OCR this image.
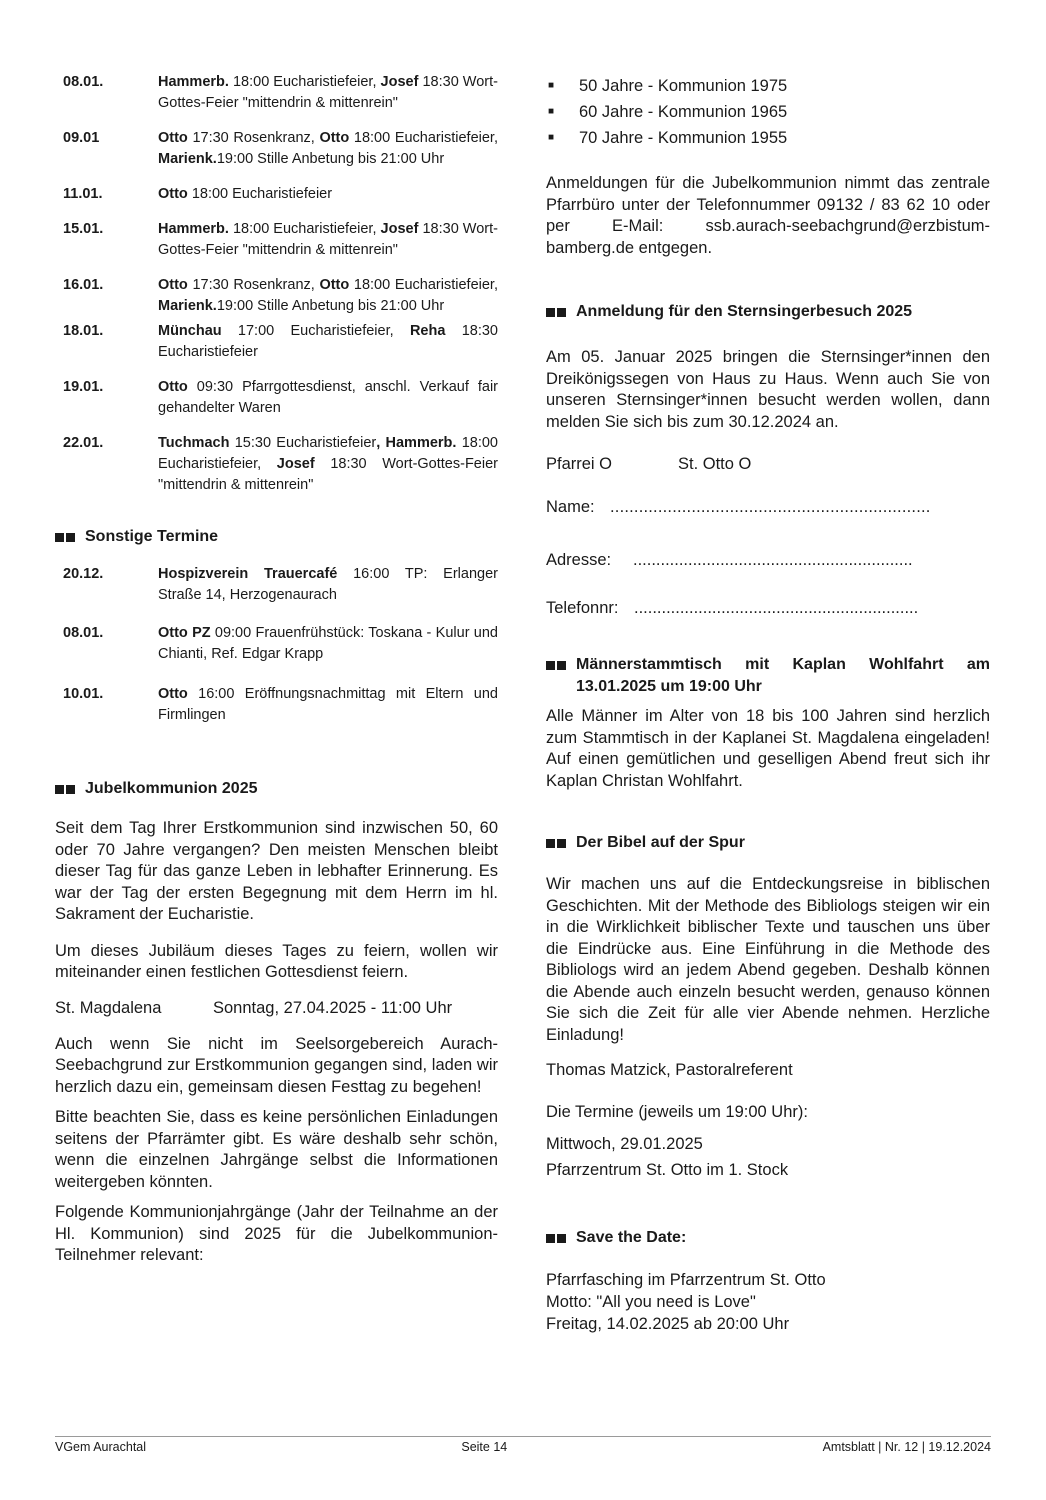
08.01.	Hammerb. 18:00 Eucharistiefeier, Josef 18:30 Wort-Gottes-Feier "mittendrin & mittenrein"
09.01	Otto 17:30 Rosenkranz, Otto 18:00 Eucharistiefeier, Marienk.19:00 Stille Anbetung bis 21:00 Uhr
11.01.	Otto 18:00 Eucharistiefeier
15.01.	Hammerb. 18:00 Eucharistiefeier, Josef 18:30 Wort-Gottes-Feier "mittendrin & mittenrein"
16.01.	Otto 17:30 Rosenkranz, Otto 18:00 Eucharistiefeier, Marienk.19:00 Stille Anbetung bis 21:00 Uhr
18.01.	Münchau 17:00 Eucharistiefeier, Reha 18:30 Eucharistiefeier
19.01.	Otto 09:30 Pfarrgottesdienst, anschl. Verkauf fair gehandelter Waren
22.01.	Tuchmach 15:30 Eucharistiefeier, Hammerb. 18:00 Eucharistiefeier, Josef 18:30 Wort-Gottes-Feier "mittendrin & mittenrein"
Sonstige Termine
20.12.	Hospizverein Trauercafé 16:00 TP: Erlanger Straße 14, Herzogenaurach
08.01.	Otto PZ 09:00 Frauenfrühstück: Toskana - Kulur und Chianti, Ref. Edgar Krapp
10.01.	Otto 16:00 Eröffnungsnachmittag mit Eltern und Firmlingen
Jubelkommunion 2025

Seit dem Tag Ihrer Erstkommunion sind inzwischen 50, 60 oder 70 Jahre vergangen? Den meisten Menschen bleibt dieser Tag für das ganze Leben in lebhafter Erinnerung. Es war der Tag der ersten Begegnung mit dem Herrn im hl. Sakrament der Eucharistie.

Um dieses Jubiläum dieses Tages zu feiern, wollen wir miteinander einen festlichen Gottesdienst feiern.

St. Magdalena	Sonntag, 27.04.2025 - 11:00 Uhr

Auch wenn Sie nicht im Seelsorgebereich Aurach-Seebachgrund zur Erstkommunion gegangen sind, laden wir herzlich dazu ein, gemeinsam diesen Festtag zu begehen!

Bitte beachten Sie, dass es keine persönlichen Einladungen seitens der Pfarrämter gibt. Es wäre deshalb sehr schön, wenn die einzelnen Jahrgänge selbst die Informationen weitergeben könnten.

Folgende Kommunionjahrgänge (Jahr der Teilnahme an der Hl. Kommunion) sind 2025 für die Jubelkommunion-Teilnehmer relevant:

■	50 Jahre - Kommunion 1975
■	60 Jahre - Kommunion 1965
■	70 Jahre - Kommunion 1955

Anmeldungen für die Jubelkommunion nimmt das zentrale Pfarrbüro unter der Telefonnummer 09132 / 83 62 10 oder per E-Mail: ssb.aurach-seebachgrund@erzbistum-bamberg.de entgegen.

Anmeldung für den Sternsingerbesuch 2025

Am 05. Januar 2025 bringen die Sternsinger*innen den Dreikönigssegen von Haus zu Haus. Wenn auch Sie von unseren Sternsinger*innen besucht werden wollen, dann melden Sie sich bis zum 30.12.2024 an.

Pfarrei O	St. Otto O
Name: ...................................................................
Adresse:	.............................................................
Telefonnr: ..............................................................
Männerstammtisch mit Kaplan Wohlfahrt am 13.01.2025 um 19:00 Uhr

Alle Männer im Alter von 18 bis 100 Jahren sind herzlich zum Stammtisch in der Kaplanei St. Magdalena eingeladen! Auf einen gemütlichen und geselligen Abend freut sich ihr Kaplan Christan Wohlfahrt.

Der Bibel auf der Spur

Wir machen uns auf die Entdeckungsreise in biblischen Geschichten. Mit der Methode des Bibliologs steigen wir ein in die Wirklichkeit biblischer Texte und tauschen uns über die Eindrücke aus. Eine Einführung in die Methode des Bibliologs wird an jedem Abend gegeben. Deshalb können die Abende auch einzeln besucht werden, genauso können Sie sich die Zeit für alle vier Abende nehmen. Herzliche Einladung!

Thomas Matzick, Pastoralreferent
Die Termine (jeweils um 19:00 Uhr):
Mittwoch, 29.01.2025
Pfarrzentrum St. Otto im 1. Stock
Save the Date:
Pfarrfasching im Pfarrzentrum St. Otto
Motto: "All you need is Love"
Freitag, 14.02.2025 ab 20:00 Uhr
VGem Aurachtal	Seite 14	Amtsblatt | Nr. 12 | 19.12.2024
